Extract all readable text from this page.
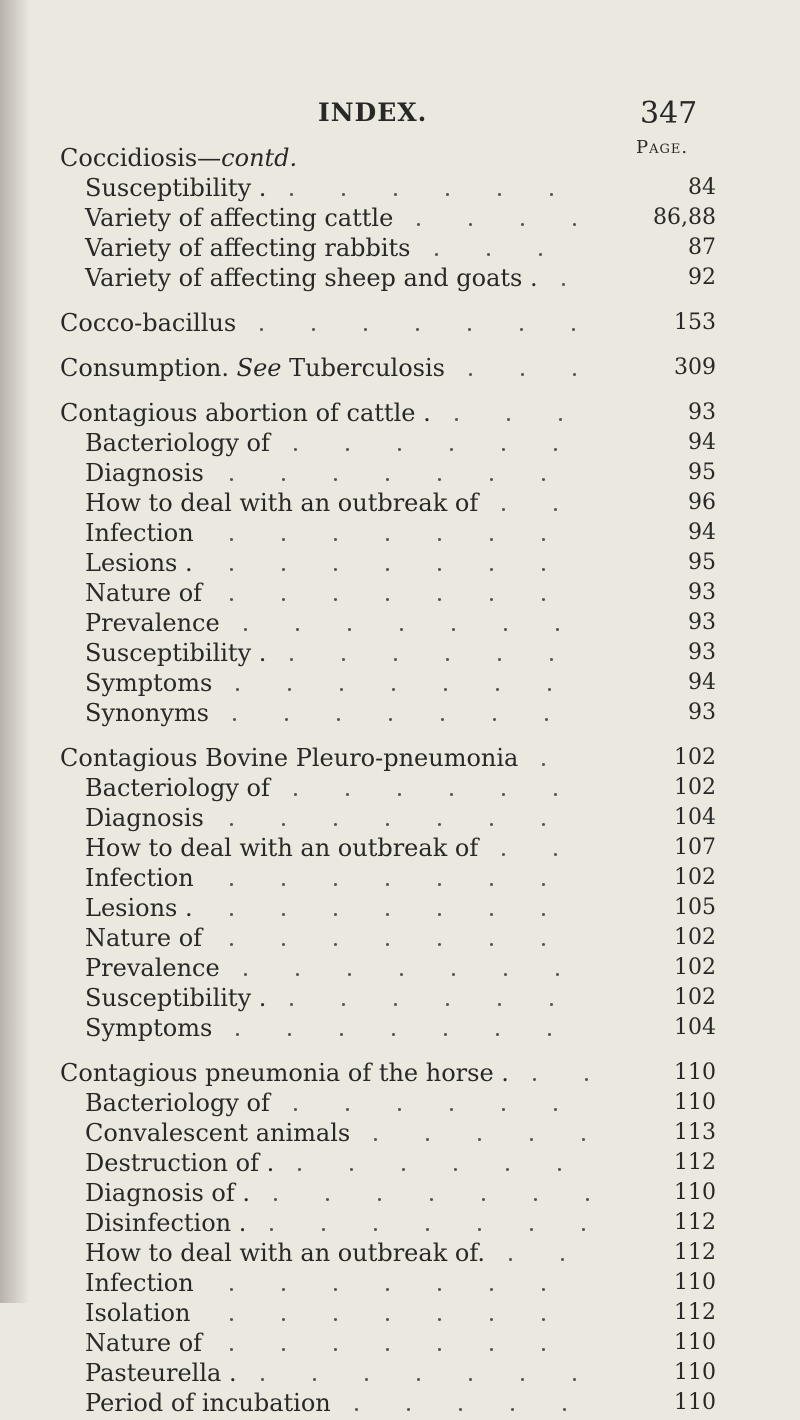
INDEX.	347
Page.
Coccidiosis—contd.
Susceptibility .	84
Variety of affecting cattle	86,88
Variety of affecting rabbits	87
Variety of affecting sheep and goats .	92
Cocco-bacillus	153
Consumption. See Tuberculosis	309
Contagious abortion of cattle .	93
Bacteriology of	94
Diagnosis	95
How to deal with an outbreak of	96
Infection	94
Lesions .	95
Nature of	93
Prevalence	93
Susceptibility .	93
Symptoms	94
Synonyms	93
Contagious Bovine Pleuro-pneumonia	102
Bacteriology of	102
Diagnosis	104
How to deal with an outbreak of	107
Infection	102
Lesions .	105
Nature of	102
Prevalence	102
Susceptibility .	102
Symptoms	104
Contagious pneumonia of the horse .	110
Bacteriology of	110
Convalescent animals	113
Destruction of .	112
Diagnosis of .	110
Disinfection .	112
How to deal with an outbreak of.	112
Infection	110
Isolation	112
Nature of	110
Pasteurella .	110
Period of incubation	110
